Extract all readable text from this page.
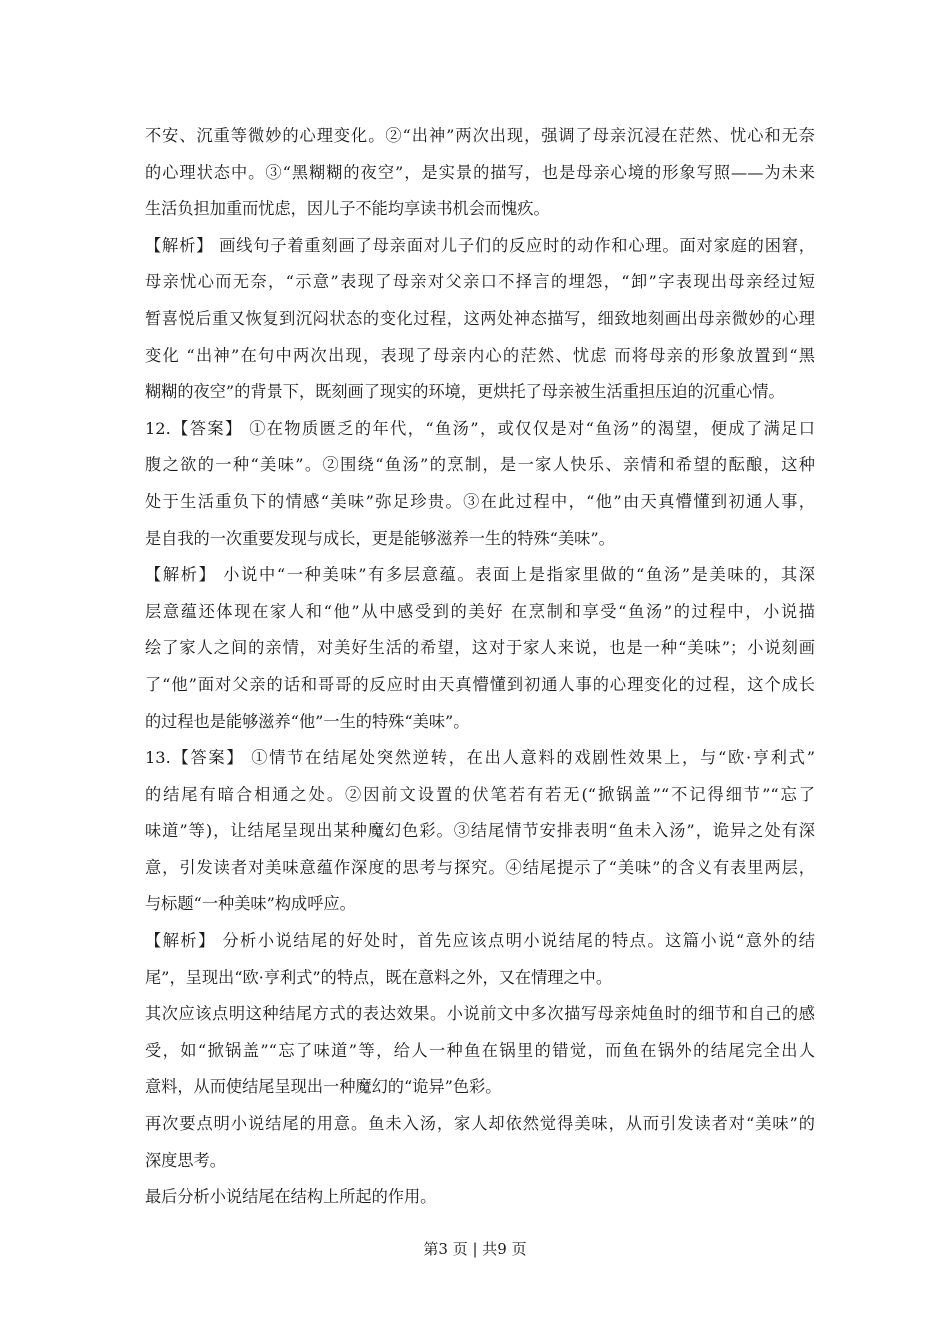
不安、沉重等微妙的心理变化。②“出神”两次出现，强调了母亲沉浸在茫然、忧心和无奈
的心理状态中。③“黑糊糊的夜空”，是实景的描写，也是母亲心境的形象写照——为未来
生活负担加重而忧虑，因儿子不能均享读书机会而愧疚。
【解析】 画线句子着重刻画了母亲面对儿子们的反应时的动作和心理。面对家庭的困窘，
母亲忧心而无奈，“示意”表现了母亲对父亲口不择言的埋怨，“卸”字表现出母亲经过短
暂喜悦后重又恢复到沉闷状态的变化过程，这两处神态描写，细致地刻画出母亲微妙的心理
变化 “出神”在句中两次出现，表现了母亲内心的茫然、忧虑 而将母亲的形象放置到“黑
糊糊的夜空”的背景下，既刻画了现实的环境，更烘托了母亲被生活重担压迫的沉重心情。
12.【答案】 ①在物质匮乏的年代，“鱼汤”，或仅仅是对“鱼汤”的渴望，便成了满足口
腹之欲的一种“美味”。②围绕“鱼汤”的烹制，是一家人快乐、亲情和希望的酝酿，这种
处于生活重负下的情感“美味”弥足珍贵。③在此过程中，“他”由天真懵懂到初通人事，
是自我的一次重要发现与成长，更是能够滋养一生的特殊“美味”。
【解析】 小说中“一种美味”有多层意蕴。表面上是指家里做的“鱼汤”是美味的，其深
层意蕴还体现在家人和“他”从中感受到的美好 在烹制和享受“鱼汤”的过程中，小说描
绘了家人之间的亲情，对美好生活的希望，这对于家人来说，也是一种“美味”；小说刻画
了“他”面对父亲的话和哥哥的反应时由天真懵懂到初通人事的心理变化的过程，这个成长
的过程也是能够滋养“他”一生的特殊“美味”。
13.【答案】 ①情节在结尾处突然逆转，在出人意料的戏剧性效果上，与“欧·亨利式”
的结尾有暗合相通之处。②因前文设置的伏笔若有若无(“掀锅盖”“不记得细节”“忘了
味道”等)，让结尾呈现出某种魔幻色彩。③结尾情节安排表明“鱼未入汤”，诡异之处有深
意，引发读者对美味意蕴作深度的思考与探究。④结尾提示了“美味”的含义有表里两层，
与标题“一种美味”构成呼应。
【解析】 分析小说结尾的好处时，首先应该点明小说结尾的特点。这篇小说“意外的结
尾”，呈现出“欧·亨利式”的特点，既在意料之外，又在情理之中。
其次应该点明这种结尾方式的表达效果。小说前文中多次描写母亲炖鱼时的细节和自己的感
受，如“掀锅盖”“忘了味道”等，给人一种鱼在锅里的错觉，而鱼在锅外的结尾完全出人
意料，从而使结尾呈现出一种魔幻的“诡异”色彩。
再次要点明小说结尾的用意。鱼未入汤，家人却依然觉得美味，从而引发读者对“美味”的
深度思考。
最后分析小说结尾在结构上所起的作用。
第3 页 | 共9 页
